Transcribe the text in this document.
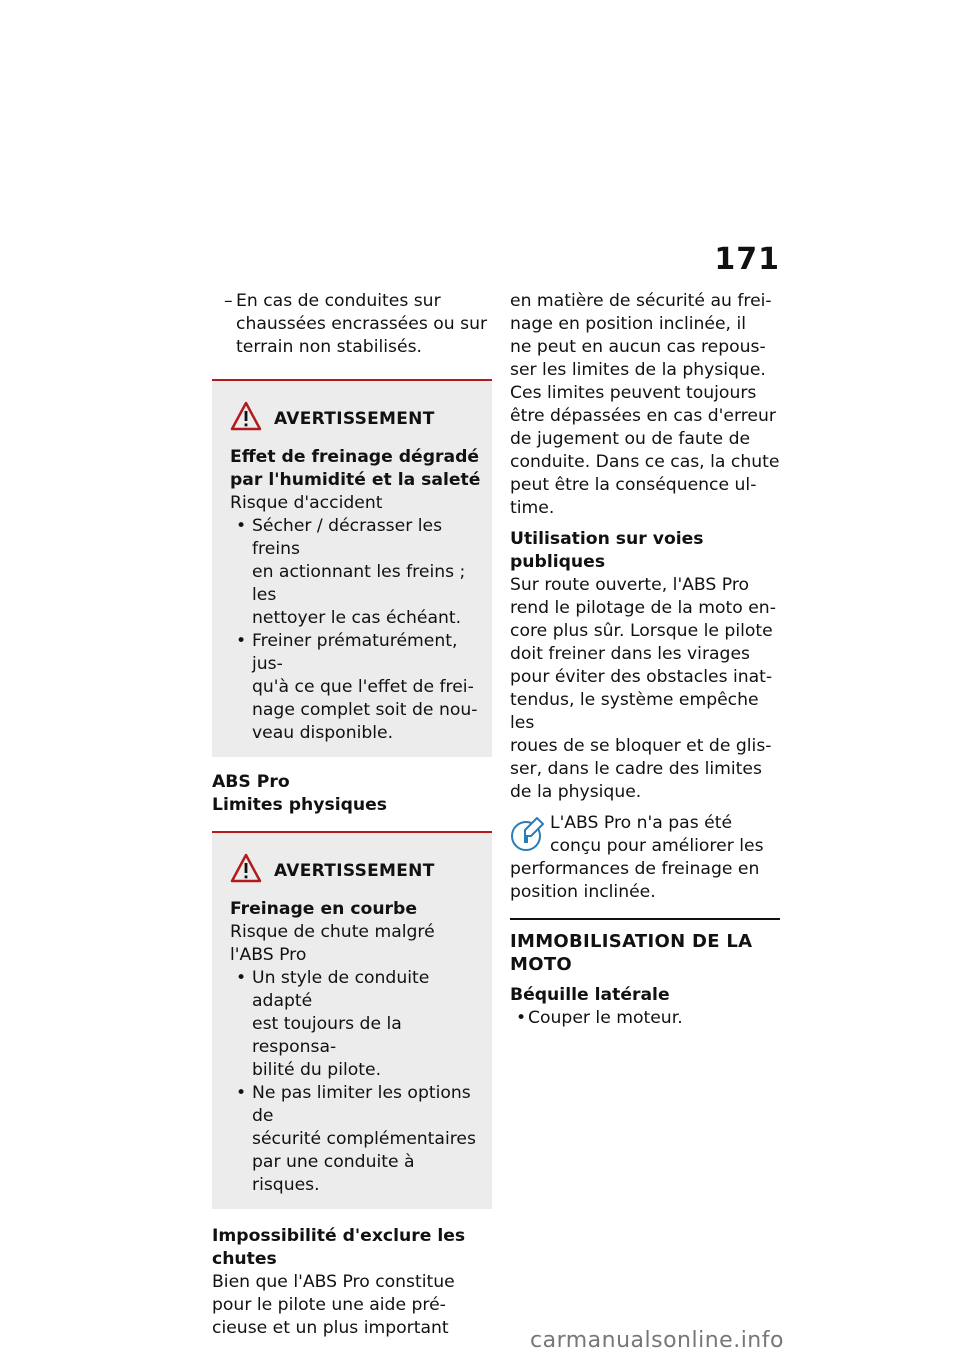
171

– En cas de conduites sur
chaussées encrassées ou sur
terrain non stabilisés.

AVERTISSEMENT

Effet de freinage dégradé
par l'humidité et la saleté

Risque d'accident

• Sécher / décrasser les freins
en actionnant les freins ; les
nettoyer le cas échéant.

• Freiner prématurément, jus-
qu'à ce que l'effet de frei-
nage complet soit de nou-
veau disponible.

ABS Pro
Limites physiques

AVERTISSEMENT

Freinage en courbe

Risque de chute malgré
l'ABS Pro

• Un style de conduite adapté
est toujours de la responsa-
bilité du pilote.

• Ne pas limiter les options de
sécurité complémentaires
par une conduite à risques.

Impossibilité d'exclure les
chutes

Bien que l'ABS Pro constitue
pour le pilote une aide pré-
cieuse et un plus important

en matière de sécurité au frei-
nage en position inclinée, il
ne peut en aucun cas repous-
ser les limites de la physique.
Ces limites peuvent toujours
être dépassées en cas d'erreur
de jugement ou de faute de
conduite. Dans ce cas, la chute
peut être la conséquence ul-
time.

Utilisation sur voies publiques

Sur route ouverte, l'ABS Pro
rend le pilotage de la moto en-
core plus sûr. Lorsque le pilote
doit freiner dans les virages
pour éviter des obstacles inat-
tendus, le système empêche les
roues de se bloquer et de glis-
ser, dans le cadre des limites
de la physique.

L'ABS Pro n'a pas été
conçu pour améliorer les

performances de freinage en
position inclinée.

IMMOBILISATION DE LA
MOTO

Béquille latérale

• Couper le moteur.

carmanualsonline.info
